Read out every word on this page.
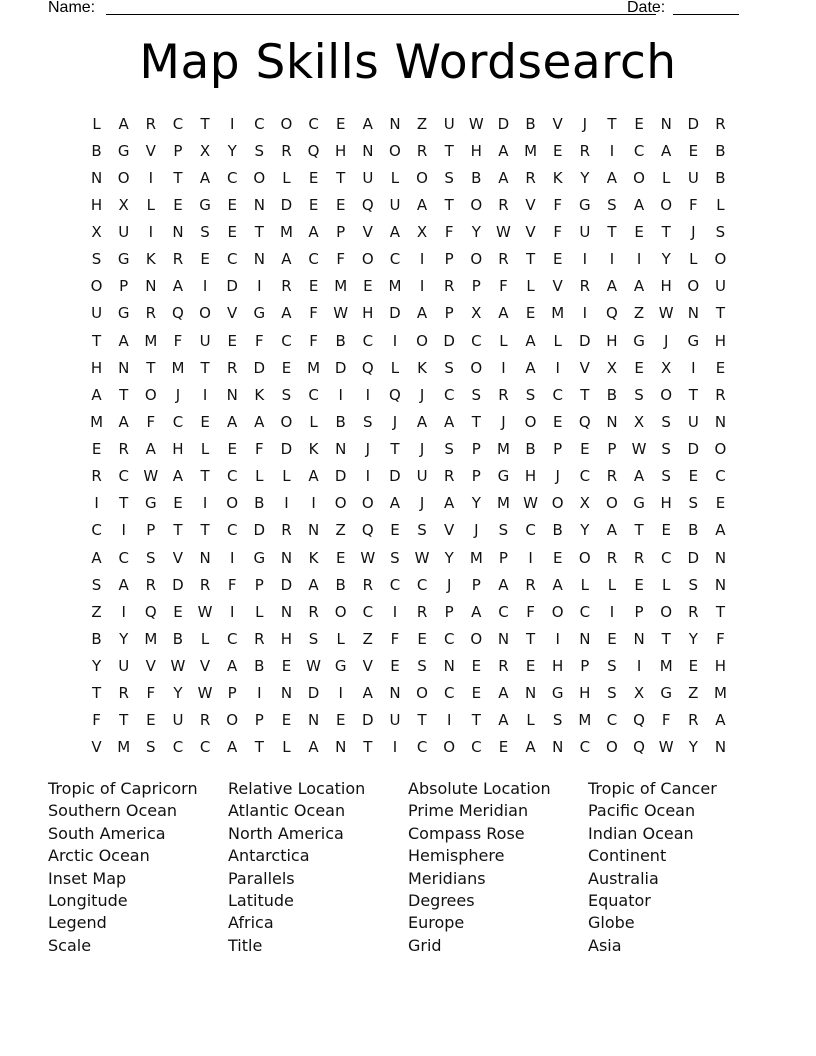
Name:	Date:
Map Skills Wordsearch
L	A	R	C	T	I	C	O	C	E	A	N	Z	U W D	B	V	J	T	E	N	D	R
B	G	V	P	X	Y	S	R	Q	H	N	O	R	T	H	A	M	E	R	I	C	A	E	B
N	O	I	T	A	C	O	L	E	T	U	L	O	S	B	A	R	K	Y	A	O	L	U	B
H	X	L	E	G	E	N	D	E	E	Q	U	A	T	O	R	V	F	G	S	A	O	F	L
X	U	I	N	S	E	T	M	A	P	V	A	X	F	Y	W V	F	U	T	E	T	J	S
S	G	K	R	E	C	N	A	C	F	O	C	I	P	O	R	T	E	I	I	I	Y	L	O
O	P	N	A	I	D	I	R	E	M	E	M	I	R	P	F	L	V	R	A	A	H	O	U
U	G	R	Q	O	V	G	A	F	W H	D	A	P	X	A	E	M	I	Q	Z W N	T
T	A	M	F	U	E	F	C	F	B	C	I	O	D	C	L	A	L	D	H	G	J	G	H
H	N	T	M	T	R	D	E	M D	Q	L	K	S	O	I	A	I	V	X	E	X	I	E
A	T	O	J	I	N	K	S	C	I	I	Q	J	C	S	R	S	C	T	B	S	O	T	R
M	A	F	C	E	A	A	O	L	B	S	J	A	A	T	J	O	E	Q	N	X	S	U	N
E	R	A	H	L	E	F	D	K	N	J	T	J	S	P	M	B	P	E	P	W S	D	O
R	C W A	T	C	L	L	A	D	I	D	U	R	P	G	H	J	C	R	A	S	E	C
I	T	G	E	I	O	B	I	I	O	O	A	J	A	Y	M W O	X	O	G	H	S	E
C	I	P	T	T	C	D	R	N	Z	Q	E	S	V	J	S	C	B	Y	A	T	E	B	A
A	C	S	V	N	I	G	N	K	E W S W	Y	M	P	I	E	O	R	R	C	D	N
S	A	R	D	R	F	P	D	A	B	R	C	C	J	P	A	R	A	L	L	E	L	S	N
Z	I	Q	E W	I	L	N	R	O	C	I	R	P	A	C	F	O	C	I	P	O	R	T
B	Y	M	B	L	C	R	H	S	L	Z	F	E	C	O	N	T	I	N	E	N	T	Y	F
Y	U	V W V	A	B	E W G	V	E	S	N	E	R	E	H	P	S	I	M	E	H
T	R	F	Y	W	P	I	N	D	I	A	N	O	C	E	A	N	G	H	S	X	G	Z	M
F	T	E	U	R	O	P	E	N	E	D	U	T	I	T	A	L	S	M	C	Q	F	R	A
V	M	S	C	C	A	T	L	A	N	T	I	C	O	C	E	A	N	C	O	Q W	Y	N
Tropic of Capricorn	Relative Location	Absolute Location	Tropic of Cancer
Southern Ocean	Atlantic Ocean	Prime Meridian	Pacific Ocean
South America	North America	Compass Rose	Indian Ocean
Arctic Ocean	Antarctica	Hemisphere	Continent
Inset Map	Parallels	Meridians	Australia
Longitude	Latitude	Degrees	Equator
Legend	Africa	Europe	Globe
Scale	Title	Grid	Asia
